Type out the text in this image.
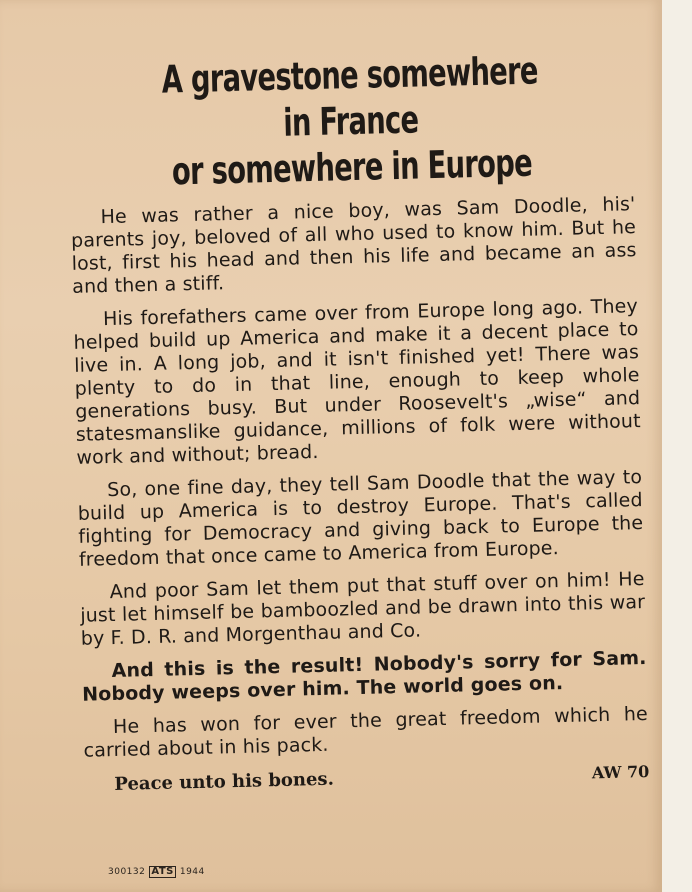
A gravestone somewhere in France
or somewhere in Europe

He was rather a nice boy, was Sam Doodle, his' parents joy, beloved of all who used to know him. But he lost, first his head and then his life and became an ass and then a stiff.

His forefathers came over from Europe long ago. They helped build up America and make it a decent place to live in. A long job, and it isn't finished yet! There was plenty to do in that line, enough to keep whole generations busy. But under Roosevelt's „wise“ and statesmanslike guidance, millions of folk were without work and without; bread.

So, one fine day, they tell Sam Doodle that the way to build up America is to destroy Europe. That's called fighting for Democracy and giving back to Europe the freedom that once came to America from Europe.

And poor Sam let them put that stuff over on him! He just let himself be bamboozled and be drawn into this war by F. D. R. and Morgenthau and Co.

And this is the result! Nobody's sorry for Sam. Nobody weeps over him. The world goes on.

He has won for ever the great freedom which he carried about in his pack.

Peace unto his bones.	AW 70
300132 ATS 1944
